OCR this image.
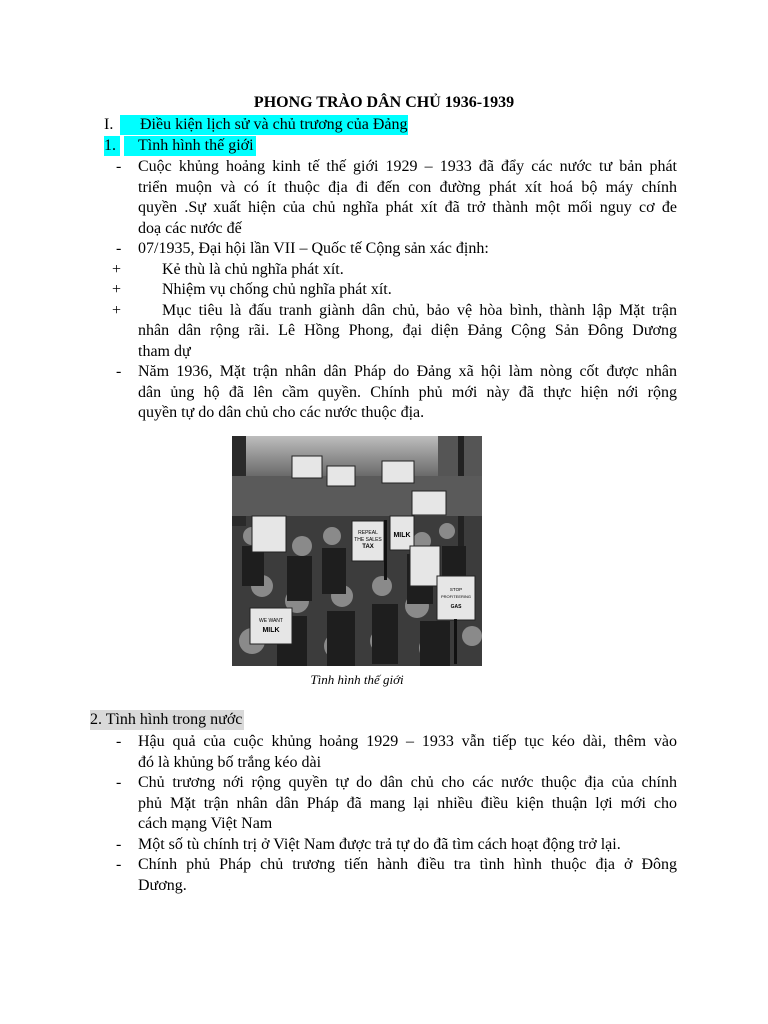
PHONG TRÀO DÂN CHỦ 1936-1939
I.	Điều kiện lịch sử và chủ trương của Đảng
1.	Tình hình thế giới
- Cuộc khủng hoảng kinh tế thế giới 1929 – 1933 đã đẩy các nước tư bản phát
triển muộn và có ít thuộc địa đi đến con đường phát xít hoá bộ máy chính
quyền .Sự xuất hiện của chủ nghĩa phát xít đã trở thành một mối nguy cơ đe
doạ các nước đế
- 07/1935, Đại hội lần VII – Quốc tế Cộng sản xác định:
+	Kẻ thù là chủ nghĩa phát xít.
+	Nhiệm vụ chống chủ nghĩa phát xít.
+	Mục tiêu là đấu tranh giành dân chủ, bảo vệ hòa bình, thành lập Mặt trận
nhân dân rộng rãi. Lê Hồng Phong, đại diện Đảng Cộng Sản Đông Dương
tham dự
- Năm 1936, Mặt trận nhân dân Pháp do Đảng xã hội làm nòng cốt được nhân
dân ủng hộ đã lên cầm quyền. Chính phủ mới này đã thực hiện nới rộng
quyền tự do dân chủ cho các nước thuộc địa.
REPEAL
THE SALES
TAX
MILK
WE WANT
MILK
STOP
PROFITEERING
GAS
Tình hình thế giới
2. Tình hình trong nước
- Hậu quả của cuộc khủng hoảng 1929 – 1933 vẫn tiếp tục kéo dài, thêm vào
đó là khủng bố trắng kéo dài
- Chủ trương nới rộng quyền tự do dân chủ cho các nước thuộc địa của chính
phủ Mặt trận nhân dân Pháp đã mang lại nhiều điều kiện thuận lợi mới cho
cách mạng Việt Nam
- Một số tù chính trị ở Việt Nam được trả tự do đã tìm cách hoạt động trở lại.
- Chính phủ Pháp chủ trương tiến hành điều tra tình hình thuộc địa ở Đông
Dương.
